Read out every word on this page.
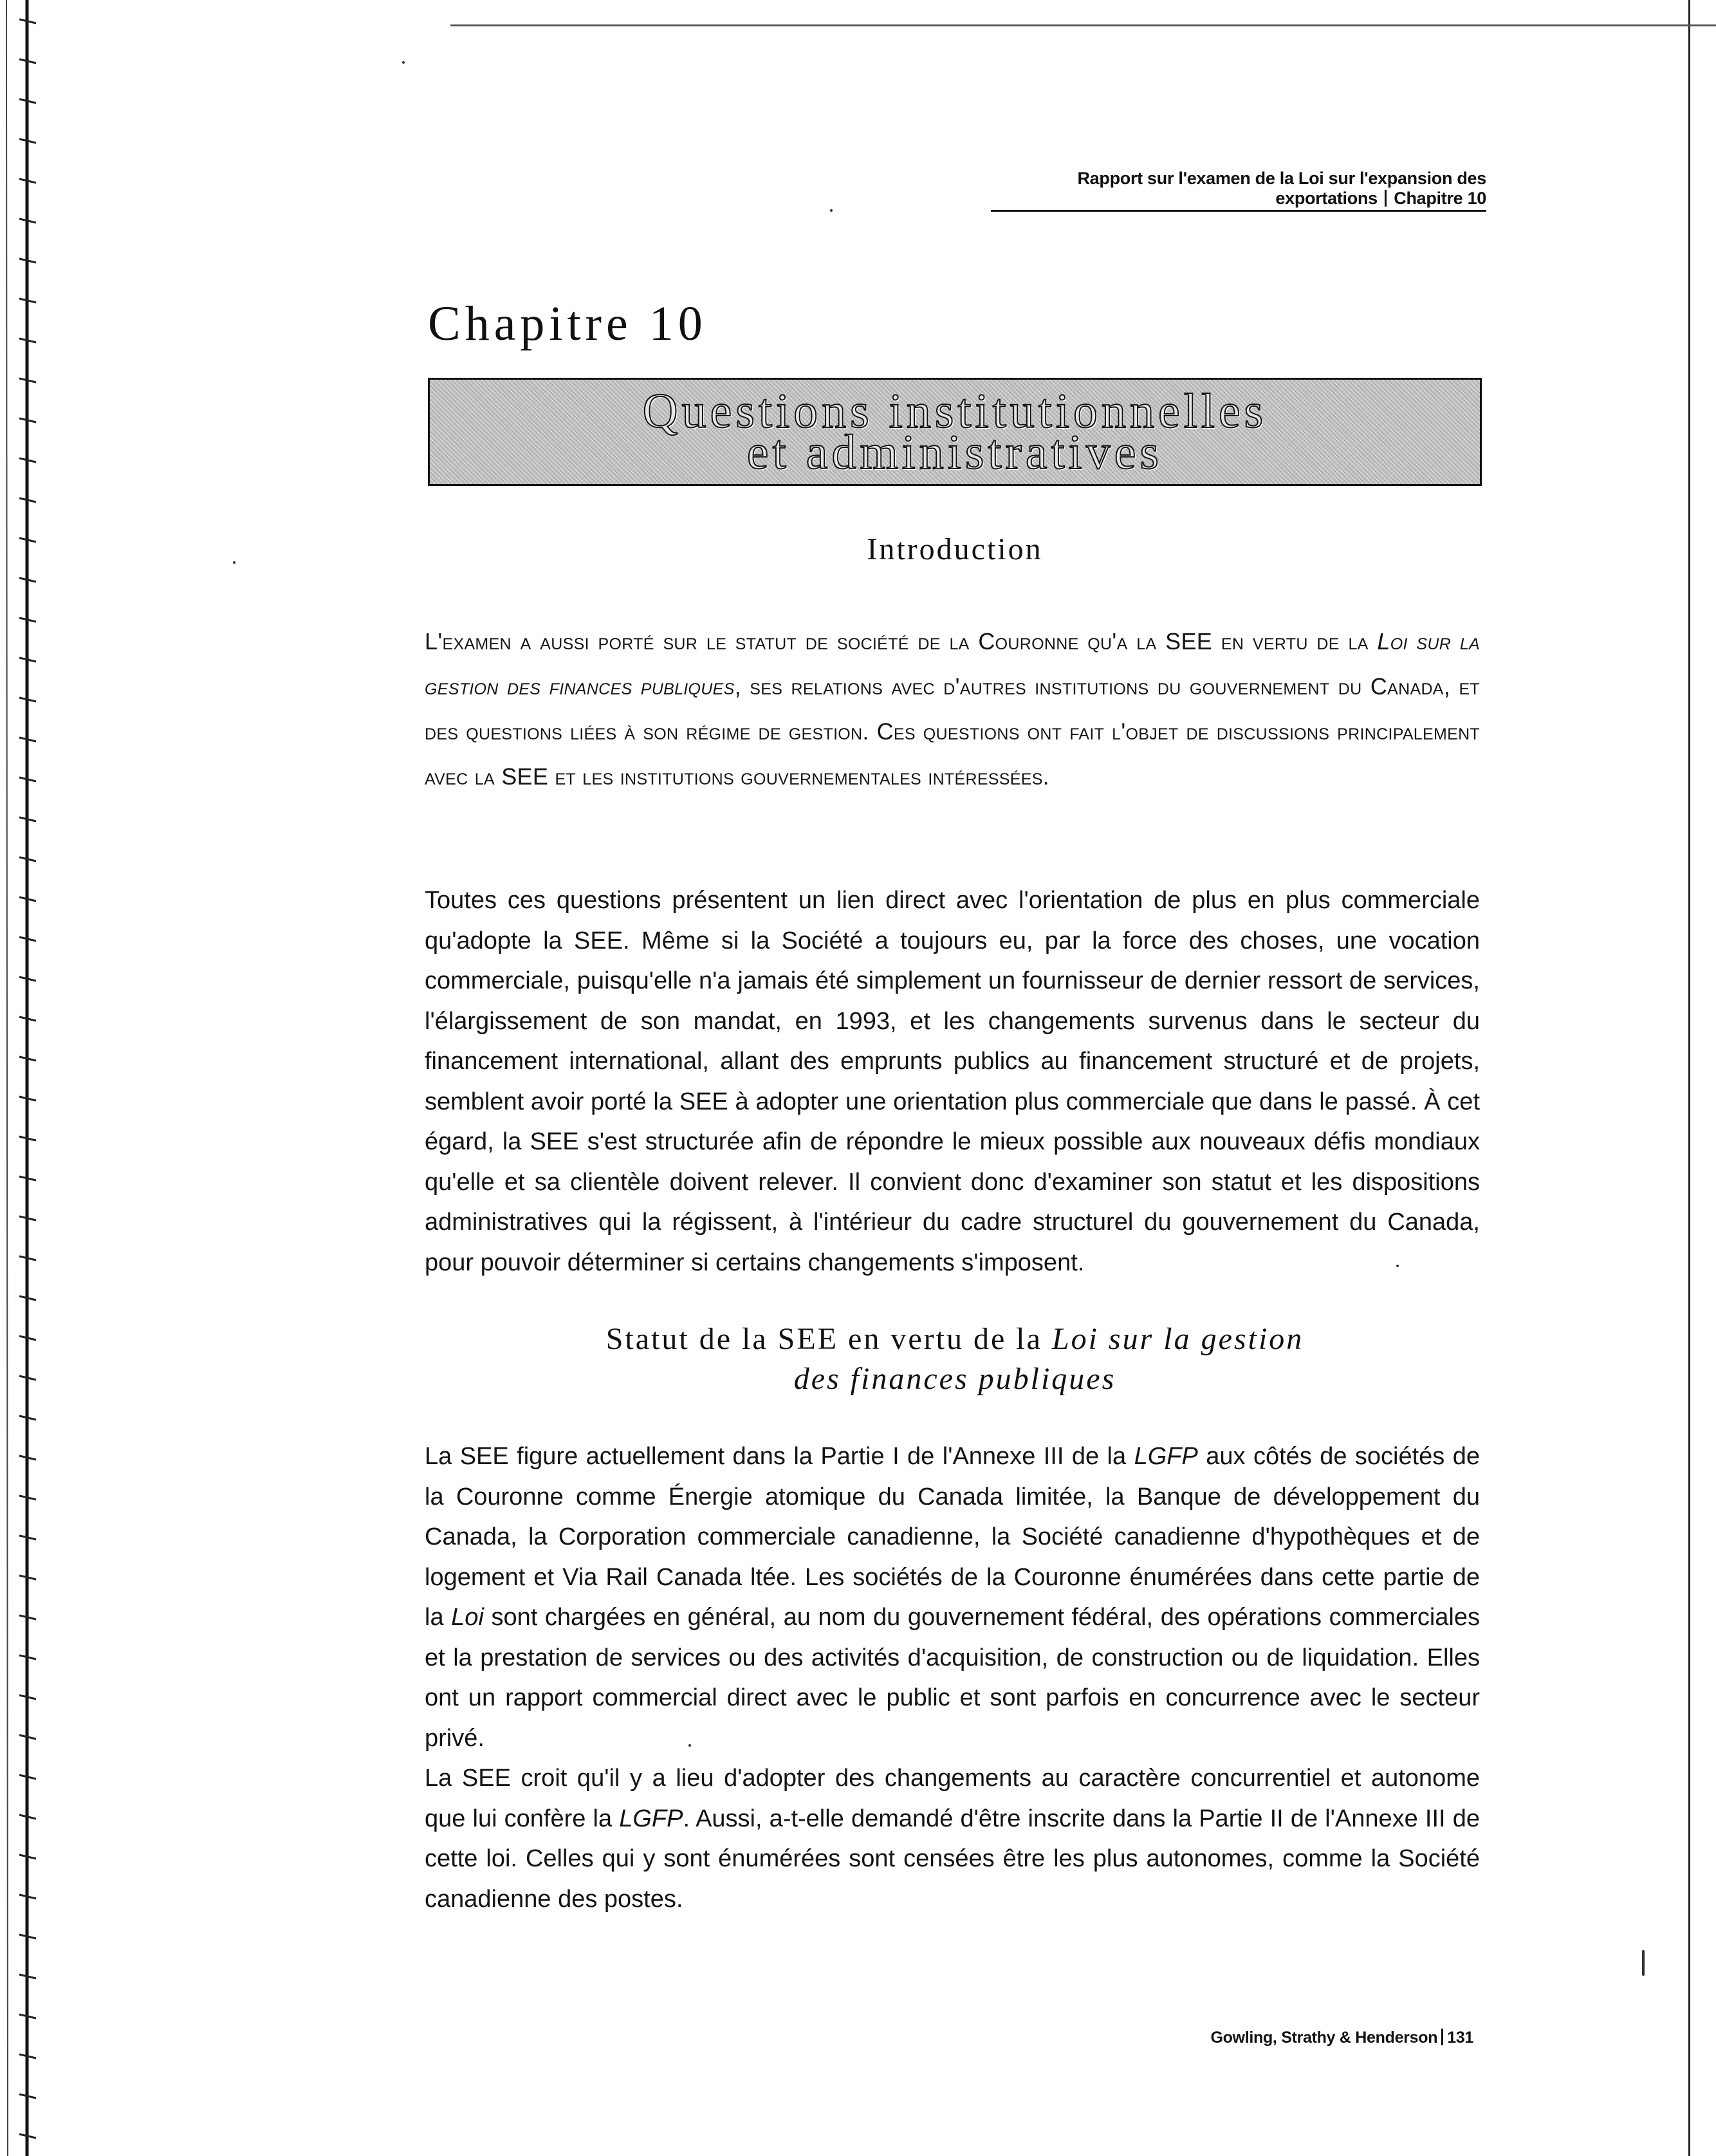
Rapport sur l'examen de la Loi sur l'expansion des exportations Chapitre 10
Chapitre 10
Questions institutionnelles
et administratives
Introduction
L'examen a aussi porté sur le statut de société de la Couronne qu'a la SEE en vertu de la Loi sur la gestion des finances publiques, ses relations avec d'autres institutions du gouvernement du Canada, et des questions liées à son régime de gestion. Ces questions ont fait l'objet de discussions principalement avec la SEE et les institutions gouvernementales intéressées.
Toutes ces questions présentent un lien direct avec l'orientation de plus en plus commerciale qu'adopte la SEE. Même si la Société a toujours eu, par la force des choses, une vocation commerciale, puisqu'elle n'a jamais été simplement un fournisseur de dernier ressort de services, l'élargissement de son mandat, en 1993, et les changements survenus dans le secteur du financement international, allant des emprunts publics au financement structuré et de projets, semblent avoir porté la SEE à adopter une orientation plus commerciale que dans le passé. À cet égard, la SEE s'est structurée afin de répondre le mieux possible aux nouveaux défis mondiaux qu'elle et sa clientèle doivent relever. Il convient donc d'examiner son statut et les dispositions administratives qui la régissent, à l'intérieur du cadre structurel du gouvernement du Canada, pour pouvoir déterminer si certains changements s'imposent.
Statut de la SEE en vertu de la Loi sur la gestion
des finances publiques
La SEE figure actuellement dans la Partie I de l'Annexe III de la LGFP aux côtés de sociétés de la Couronne comme Énergie atomique du Canada limitée, la Banque de développement du Canada, la Corporation commerciale canadienne, la Société canadienne d'hypothèques et de logement et Via Rail Canada ltée. Les sociétés de la Couronne énumérées dans cette partie de la Loi sont chargées en général, au nom du gouvernement fédéral, des opérations commerciales et la prestation de services ou des activités d'acquisition, de construction ou de liquidation. Elles ont un rapport commercial direct avec le public et sont parfois en concurrence avec le secteur privé.
La SEE croit qu'il y a lieu d'adopter des changements au caractère concurrentiel et autonome que lui confère la LGFP. Aussi, a-t-elle demandé d'être inscrite dans la Partie II de l'Annexe III de cette loi. Celles qui y sont énumérées sont censées être les plus autonomes, comme la Société canadienne des postes.
Gowling, Strathy & Henderson 131
